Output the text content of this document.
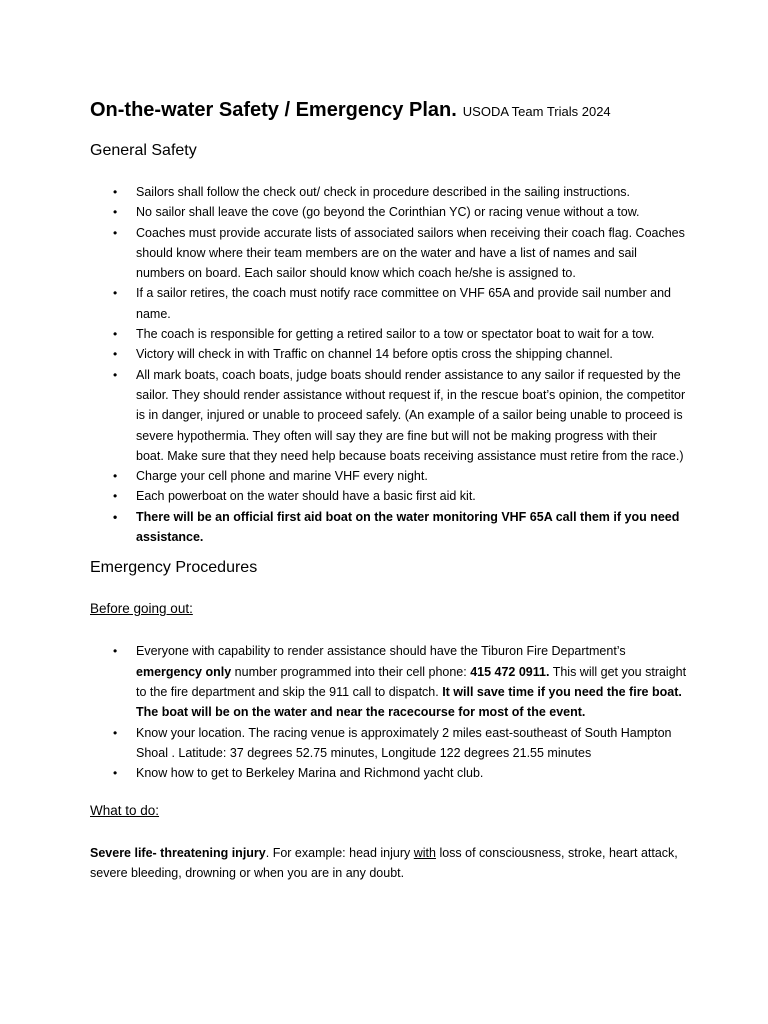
On-the-water Safety / Emergency Plan. USODA Team Trials 2024
General Safety
• Sailors shall follow the check out/ check in procedure described in the sailing instructions.
• No sailor shall leave the cove (go beyond the Corinthian YC) or racing venue without a tow.
• Coaches must provide accurate lists of associated sailors when receiving their coach flag. Coaches should know where their team members are on the water and have a list of names and sail numbers on board. Each sailor should know which coach he/she is assigned to.
• If a sailor retires, the coach must notify race committee on VHF 65A and provide sail number and name.
• The coach is responsible for getting a retired sailor to a tow or spectator boat to wait for a tow.
• Victory will check in with Traffic on channel 14 before optis cross the shipping channel.
• All mark boats, coach boats, judge boats should render assistance to any sailor if requested by the sailor. They should render assistance without request if, in the rescue boat’s opinion, the competitor is in danger, injured or unable to proceed safely. (An example of a sailor being unable to proceed is severe hypothermia. They often will say they are fine but will not be making progress with their boat. Make sure that they need help because boats receiving assistance must retire from the race.)
• Charge your cell phone and marine VHF every night.
• Each powerboat on the water should have a basic first aid kit.
• There will be an official first aid boat on the water monitoring VHF 65A call them if you need assistance.
Emergency Procedures
Before going out:
• Everyone with capability to render assistance should have the Tiburon Fire Department’s emergency only number programmed into their cell phone: 415 472 0911. This will get you straight to the fire department and skip the 911 call to dispatch. It will save time if you need the fire boat. The boat will be on the water and near the racecourse for most of the event.
• Know your location. The racing venue is approximately 2 miles east-southeast of South Hampton Shoal . Latitude: 37 degrees 52.75 minutes, Longitude 122 degrees 21.55 minutes
• Know how to get to Berkeley Marina and Richmond yacht club.
What to do:

Severe life- threatening injury. For example: head injury with loss of consciousness, stroke, heart attack, severe bleeding, drowning or when you are in any doubt.
